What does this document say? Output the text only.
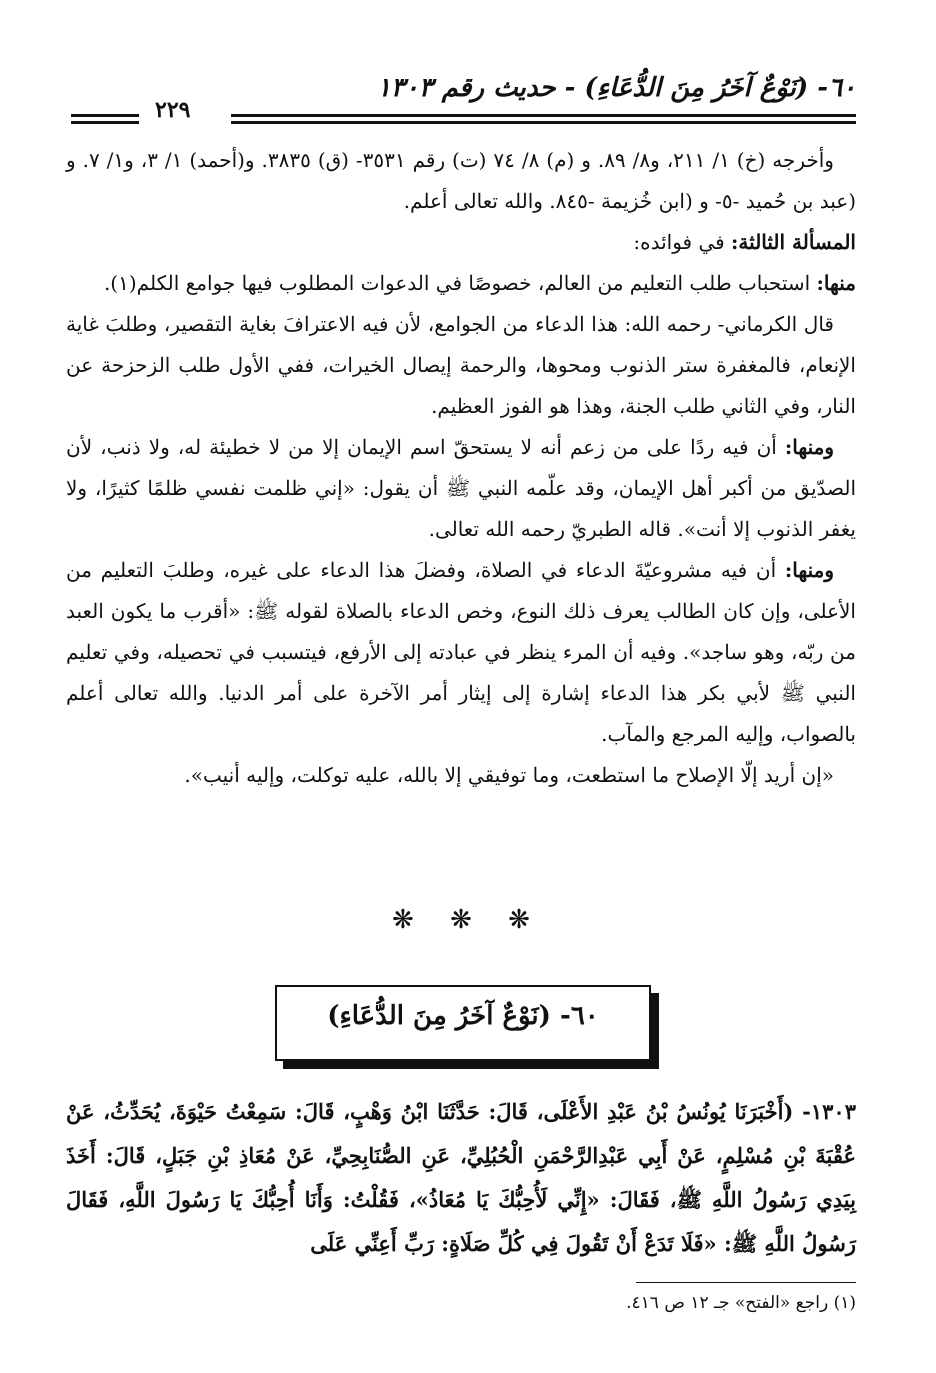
٦٠- (نَوْعٌ آخَرُ مِنَ الدُّعَاءِ) - حديث رقم ١٣٠٣
٢٢٩

وأخرجه (خ) ١/ ٢١١، و٨/ ٨٩. و (م) ٨/ ٧٤ (ت) رقم ٣٥٣١- (ق) ٣٨٣٥. و(أحمد) ١/ ٣، و١/ ٧. و (عبد بن حُميد -٥- و (ابن خُزيمة -٨٤٥. والله تعالى أعلم.

المسألة الثالثة: في فوائده:

منها: استحباب طلب التعليم من العالم، خصوصًا في الدعوات المطلوب فيها جوامع الكلم(١).

قال الكرماني- رحمه الله: هذا الدعاء من الجوامع، لأن فيه الاعترافَ بغاية التقصير، وطلبَ غاية الإنعام، فالمغفرة ستر الذنوب ومحوها، والرحمة إيصال الخيرات، ففي الأول طلب الزحزحة عن النار، وفي الثاني طلب الجنة، وهذا هو الفوز العظيم.

ومنها: أن فيه ردًا على من زعم أنه لا يستحقّ اسم الإيمان إلا من لا خطيئة له، ولا ذنب، لأن الصدّيق من أكبر أهل الإيمان، وقد علّمه النبي ﷺ أن يقول: «إني ظلمت نفسي ظلمًا كثيرًا، ولا يغفر الذنوب إلا أنت». قاله الطبريّ رحمه الله تعالى.

ومنها: أن فيه مشروعيّةَ الدعاء في الصلاة، وفضلَ هذا الدعاء على غيره، وطلبَ التعليم من الأعلى، وإن كان الطالب يعرف ذلك النوع، وخص الدعاء بالصلاة لقوله ﷺ: «أقرب ما يكون العبد من ربّه، وهو ساجد». وفيه أن المرء ينظر في عبادته إلى الأرفع، فيتسبب في تحصيله، وفي تعليم النبي ﷺ لأبي بكر هذا الدعاء إشارة إلى إيثار أمر الآخرة على أمر الدنيا. والله تعالى أعلم بالصواب، وإليه المرجع والمآب.

«إن أريد إلّا الإصلاح ما استطعت، وما توفيقي إلا بالله، عليه توكلت، وإليه أنيب».

❋ ❋ ❋
٦٠- (نَوْعٌ آخَرُ مِنَ الدُّعَاءِ)

١٣٠٣- (أَخْبَرَنَا يُونُسُ بْنُ عَبْدِ الأَعْلَى، قَالَ: حَدَّثَنَا ابْنُ وَهْبٍ، قَالَ: سَمِعْتُ حَيْوَةَ، يُحَدِّثُ، عَنْ عُقْبَةَ بْنِ مُسْلِمٍ، عَنْ أَبِي عَبْدِالرَّحْمَنِ الْحُبُلِيِّ، عَنِ الصُّنَابِحِيِّ، عَنْ مُعَاذِ بْنِ جَبَلٍ، قَالَ: أَخَذَ بِيَدِي رَسُولُ اللَّهِ ﷺ، فَقَالَ: «إِنِّي لَأُحِبُّكَ يَا مُعَاذُ»، فَقُلْتُ: وَأَنَا أُحِبُّكَ يَا رَسُولَ اللَّهِ، فَقَالَ رَسُولُ اللَّهِ ﷺ: «فَلَا تَدَعْ أَنْ تَقُولَ فِي كُلِّ صَلَاةٍ: رَبِّ أَعِنِّي عَلَى

(١) راجع «الفتح» جـ ١٢ ص ٤١٦.
